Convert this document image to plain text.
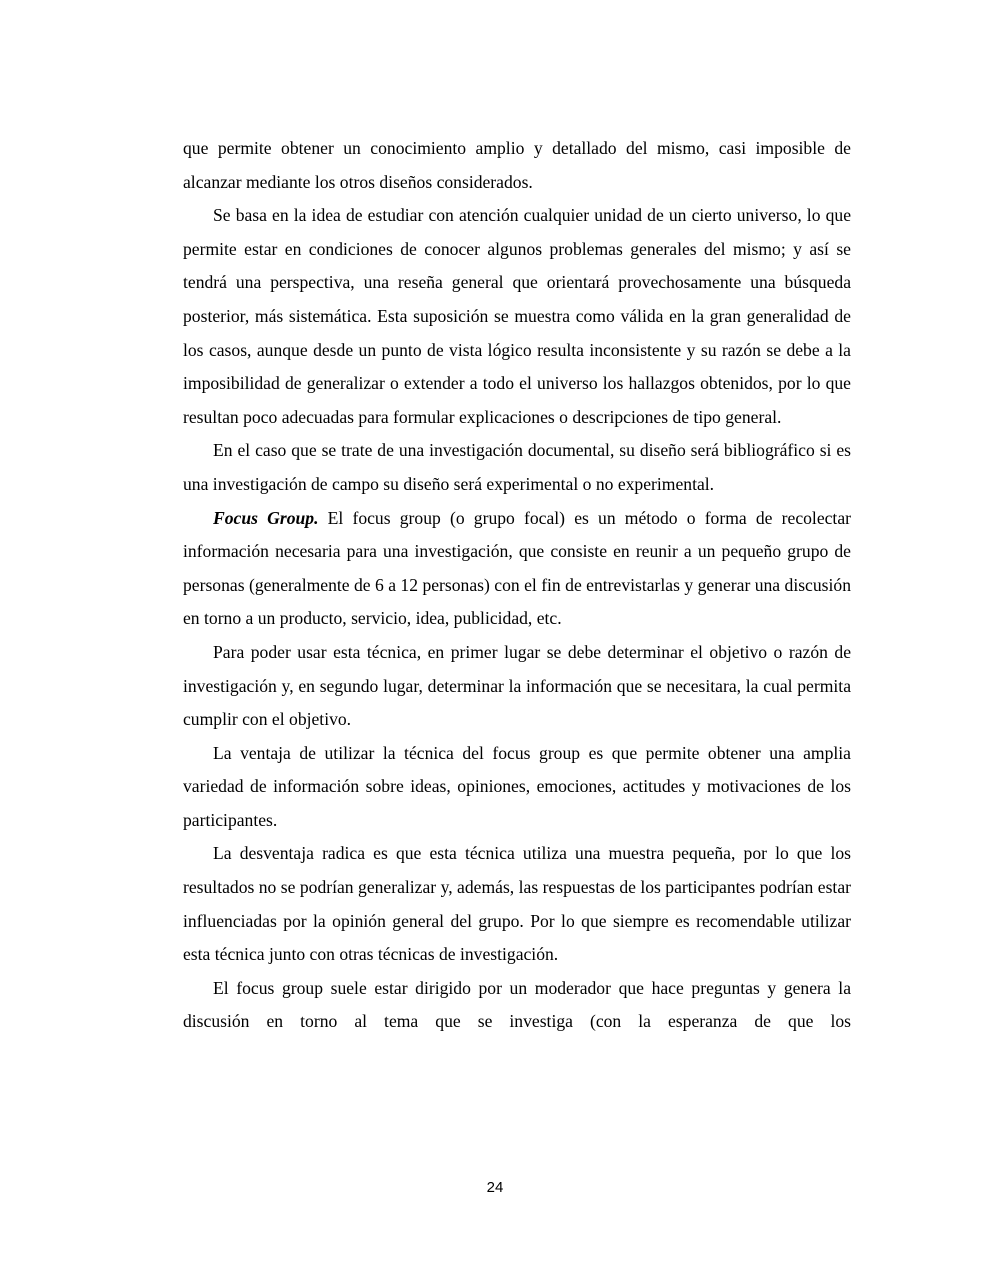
que permite obtener un conocimiento amplio y detallado del mismo, casi imposible de alcanzar mediante los otros diseños considerados.

Se basa en la idea de estudiar con atención cualquier unidad de un cierto universo, lo que permite estar en condiciones de conocer algunos problemas generales del mismo; y así se tendrá una perspectiva, una reseña general que orientará provechosamente una búsqueda posterior, más sistemática. Esta suposición se muestra como válida en la gran generalidad de los casos, aunque desde un punto de vista lógico resulta inconsistente y su razón se debe a la imposibilidad de generalizar o extender a todo el universo los hallazgos obtenidos, por lo que resultan poco adecuadas para formular explicaciones o descripciones de tipo general.

En el caso que se trate de una investigación documental, su diseño será bibliográfico si es una investigación de campo su diseño será experimental o no experimental.

Focus Group. El focus group (o grupo focal) es un método o forma de recolectar información necesaria para una investigación, que consiste en reunir a un pequeño grupo de personas (generalmente de 6 a 12 personas) con el fin de entrevistarlas y generar una discusión en torno a un producto, servicio, idea, publicidad, etc.

Para poder usar esta técnica, en primer lugar se debe determinar el objetivo o razón de investigación y, en segundo lugar, determinar la información que se necesitara, la cual permita cumplir con el objetivo.

La ventaja de utilizar la técnica del focus group es que permite obtener una amplia variedad de información sobre ideas, opiniones, emociones, actitudes y motivaciones de los participantes.

La desventaja radica es que esta técnica utiliza una muestra pequeña, por lo que los resultados no se podrían generalizar y, además, las respuestas de los participantes podrían estar influenciadas por la opinión general del grupo. Por lo que siempre es recomendable utilizar esta técnica junto con otras técnicas de investigación.

El focus group suele estar dirigido por un moderador que hace preguntas y genera la discusión en torno al tema que se investiga (con la esperanza de que los

24
